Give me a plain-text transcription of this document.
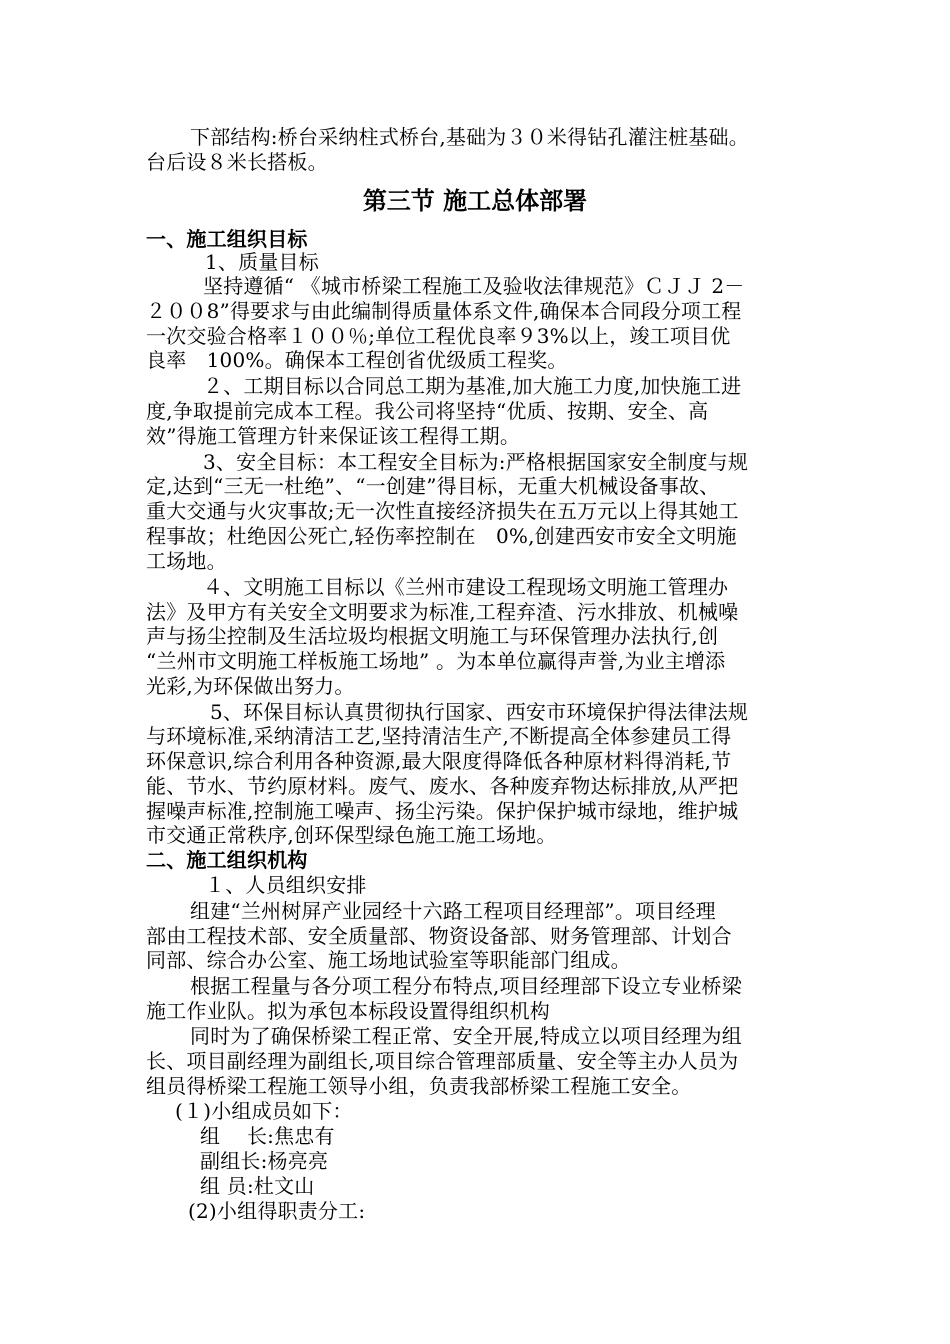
下部结构:桥台采纳柱式桥台,基础为３０米得钻孔灌注桩基础。
台后设８米长搭板。
第三节 施工总体部署
一、施工组织目标
1、质量目标
坚持遵循“ 《城市桥梁工程施工及验收法律规范》ＣＪＪ 2－
２００8”得要求与由此编制得质量体系文件,确保本合同段分项工程
一次交验合格率１００％;单位工程优良率９3%以上，竣工项目优
良率　100%。确保本工程创省优级质工程奖。
２、工期目标以合同总工期为基准,加大施工力度,加快施工进
度,争取提前完成本工程。我公司将坚持“优质、按期、安全、高
效”得施工管理方针来保证该工程得工期。
3、安全目标：本工程安全目标为:严格根据国家安全制度与规
定,达到“三无一杜绝”、“一创建”得目标，无重大机械设备事故、
重大交通与火灾事故;无一次性直接经济损失在五万元以上得其她工
程事故；杜绝因公死亡,轻伤率控制在　0%,创建西安市安全文明施
工场地。
４、文明施工目标以《兰州市建设工程现场文明施工管理办
法》及甲方有关安全文明要求为标准,工程弃渣、污水排放、机械噪
声与扬尘控制及生活垃圾均根据文明施工与环保管理办法执行,创
“兰州市文明施工样板施工场地” 。为本单位赢得声誉,为业主增添
光彩,为环保做出努力。
5、环保目标认真贯彻执行国家、西安市环境保护得法律法规
与环境标准,采纳清洁工艺,坚持清洁生产,不断提高全体参建员工得
环保意识,综合利用各种资源,最大限度得降低各种原材料得消耗,节
能、节水、节约原材料。废气、废水、各种废弃物达标排放,从严把
握噪声标准,控制施工噪声、扬尘污染。保护保护城市绿地，维护城
市交通正常秩序,创环保型绿色施工施工场地。
二、施工组织机构
１、人员组织安排
组建“兰州树屏产业园经十六路工程项目经理部”。项目经理
部由工程技术部、安全质量部、物资设备部、财务管理部、计划合
同部、综合办公室、施工场地试验室等职能部门组成。
根据工程量与各分项工程分布特点,项目经理部下设立专业桥梁
施工作业队。拟为承包本标段设置得组织机构
同时为了确保桥梁工程正常、安全开展,特成立以项目经理为组
长、项目副经理为副组长,项目综合管理部质量、安全等主办人员为
组员得桥梁工程施工领导小组，负责我部桥梁工程施工安全。
(１)小组成员如下：
组　 长:焦忠有
副组长:杨亮亮
组 员:杜文山
(2)小组得职责分工:
